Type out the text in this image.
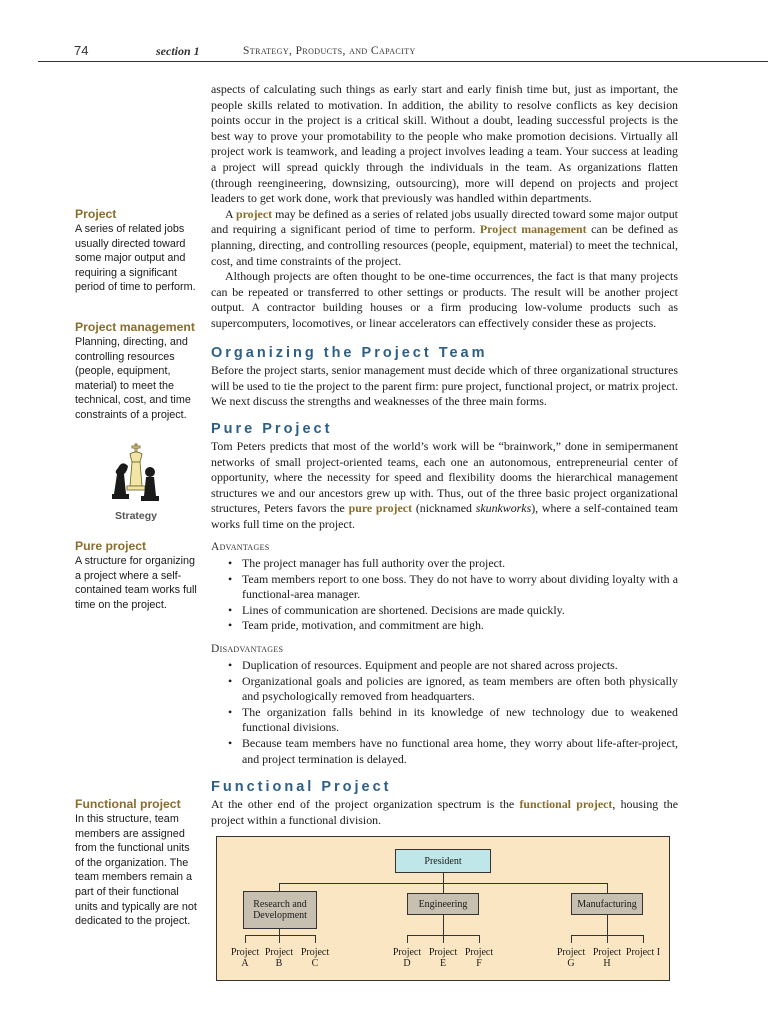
74	section 1	Strategy, Products, and Capacity
Project
A series of related jobs usually directed toward some major output and requiring a significant period of time to perform.
Project management
Planning, directing, and controlling resources (people, equipment, material) to meet the technical, cost, and time constraints of a project.
Strategy
Pure project
A structure for organizing a project where a self-contained team works full time on the project.
Functional project
In this structure, team members are assigned from the functional units of the organization. The team members remain a part of their functional units and typically are not dedicated to the project.

aspects of calculating such things as early start and early finish time but, just as important, the people skills related to motivation. In addition, the ability to resolve conflicts as key decision points occur in the project is a critical skill. Without a doubt, leading successful projects is the best way to prove your promotability to the people who make promotion decisions. Virtually all project work is teamwork, and leading a project involves leading a team. Your success at leading a project will spread quickly through the individuals in the team. As organizations flatten (through reengineering, downsizing, outsourcing), more will depend on projects and project leaders to get work done, work that previously was handled within departments.

A project may be defined as a series of related jobs usually directed toward some major output and requiring a significant period of time to perform. Project management can be defined as planning, directing, and controlling resources (people, equipment, material) to meet the technical, cost, and time constraints of the project.

Although projects are often thought to be one-time occurrences, the fact is that many projects can be repeated or transferred to other settings or products. The result will be another project output. A contractor building houses or a firm producing low-volume products such as supercomputers, locomotives, or linear accelerators can effectively consider these as projects.

Organizing the Project Team

Before the project starts, senior management must decide which of three organizational structures will be used to tie the project to the parent firm: pure project, functional project, or matrix project. We next discuss the strengths and weaknesses of the three main forms.

Pure Project

Tom Peters predicts that most of the world’s work will be “brainwork,” done in semipermanent networks of small project-oriented teams, each one an autonomous, entrepreneurial center of opportunity, where the necessity for speed and flexibility dooms the hierarchical management structures we and our ancestors grew up with. Thus, out of the three basic project organizational structures, Peters favors the pure project (nicknamed skunkworks), where a self-contained team works full time on the project.

Advantages
• The project manager has full authority over the project.
• Team members report to one boss. They do not have to worry about dividing loyalty with a functional-area manager.
• Lines of communication are shortened. Decisions are made quickly.
• Team pride, motivation, and commitment are high.
Disadvantages
• Duplication of resources. Equipment and people are not shared across projects.
• Organizational goals and policies are ignored, as team members are often both physically and psychologically removed from headquarters.
• The organization falls behind in its knowledge of new technology due to weakened functional divisions.
• Because team members have no functional area home, they worry about life-after-project, and project termination is delayed.
Functional Project

At the other end of the project organization spectrum is the functional project, housing the project within a functional division.

President
Research and Development
Engineering	Manufacturing
Project A
Project B
Project C
Project D
Project E
Project F
Project G
Project H
Project I
